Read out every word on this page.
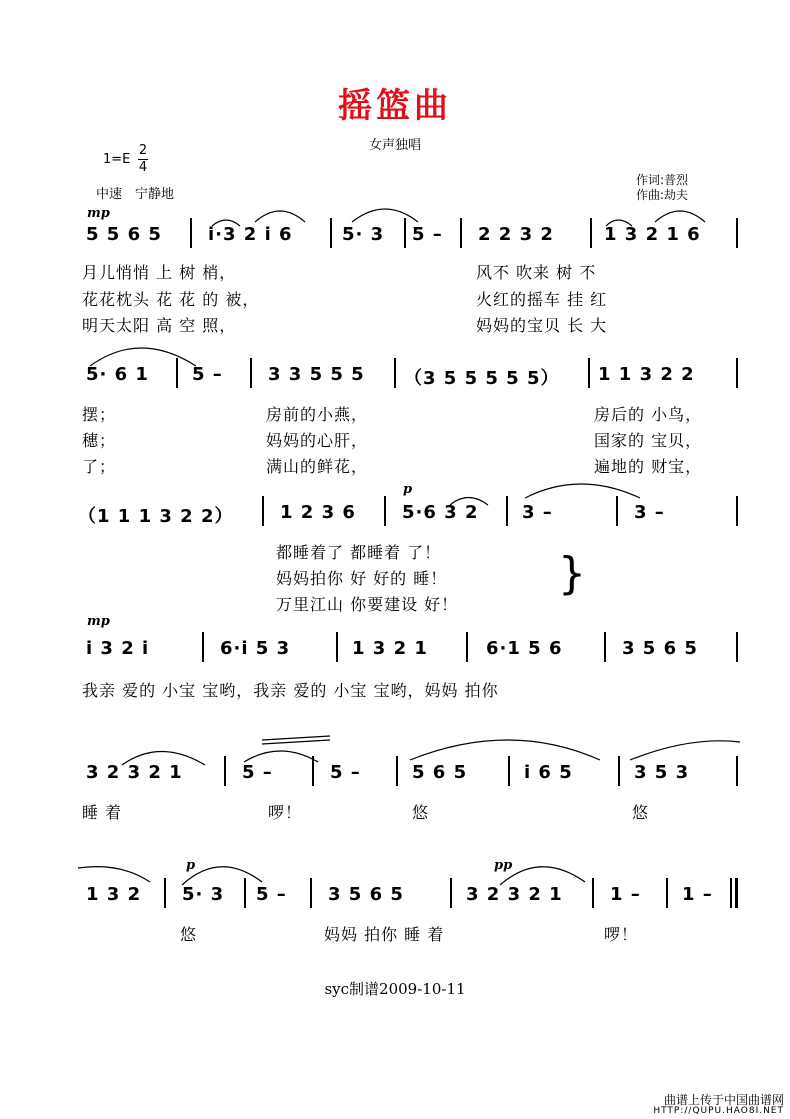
摇篮曲
女声独唱
1=E
2
4
中速　宁静地
作词:普烈
作曲:劫夫
mp
5 5 6 5	i·3 2 i 6	5· 3 5 – 2 2 3 2	1 3 2 1 6
月儿悄悄 上 树 梢，	风不 吹来 树 不
花花枕头 花 花 的 被，	火红的摇车 挂 红
明天太阳 高 空 照，	妈妈的宝贝 长 大
5· 6 1 5 –	3 3 5 5 5 （3 5 5 5 5 5） 1 1 3 2 2
摆；	房前的小燕，	房后的 小鸟，
穗；	妈妈的心肝，	国家的 宝贝，
了；	满山的鲜花，	遍地的 财宝，
p
（1 1 1 3 2 2）	1 2 3 6	5·6 3 2 3 –	3 –
都睡着了 都睡着 了！
妈妈拍你 好 好的 睡！
万里江山 你要建设 好！
}
mp
i 3 2 i	6·i 5 3	1 3 2 1	6·1 5 6	3 5 6 5
我亲 爱的 小宝 宝哟，我亲 爱的 小宝 宝哟，妈妈 拍你
3 2 3 2 1	5 –	5 –	5 6 5	i 6 5	3 5 3
睡 着	啰！	悠	悠
p	pp
1 3 2 5· 3 5 – 3 5 6 5	3 2 3 2 1	1 – 1 –
悠	妈妈 拍你 睡 着	啰！
syc制谱2009-10-11
曲谱上传于中国曲谱网
HTTP://QUPU.HAO8I.NET
